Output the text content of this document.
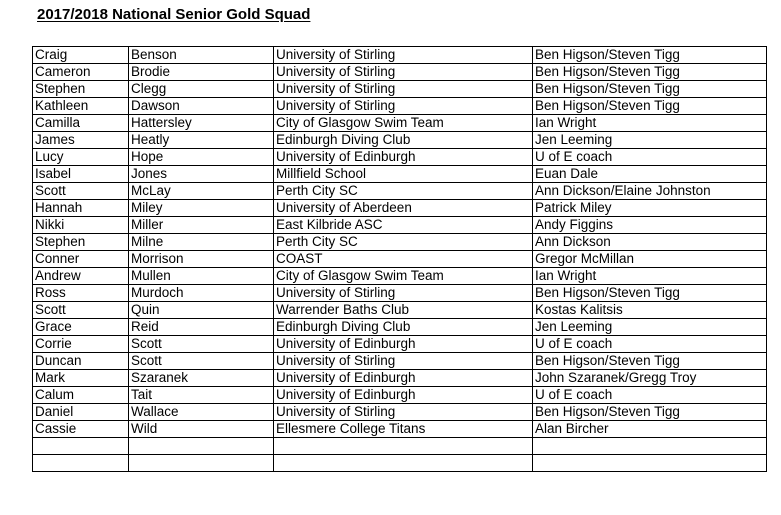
2017/2018 National Senior Gold Squad
Craig	Benson	University of Stirling	Ben Higson/Steven Tigg
Cameron	Brodie	University of Stirling	Ben Higson/Steven Tigg
Stephen	Clegg	University of Stirling	Ben Higson/Steven Tigg
Kathleen	Dawson	University of Stirling	Ben Higson/Steven Tigg
Camilla	Hattersley	City of Glasgow Swim Team	Ian Wright
James	Heatly	Edinburgh Diving Club	Jen Leeming
Lucy	Hope	University of Edinburgh	U of E coach
Isabel	Jones	Millfield School	Euan Dale
Scott	McLay	Perth City SC	Ann Dickson/Elaine Johnston
Hannah	Miley	University of Aberdeen	Patrick Miley
Nikki	Miller	East Kilbride ASC	Andy Figgins
Stephen	Milne	Perth City SC	Ann Dickson
Conner	Morrison	COAST	Gregor McMillan
Andrew	Mullen	City of Glasgow Swim Team	Ian Wright
Ross	Murdoch	University of Stirling	Ben Higson/Steven Tigg
Scott	Quin	Warrender Baths Club	Kostas Kalitsis
Grace	Reid	Edinburgh Diving Club	Jen Leeming
Corrie	Scott	University of Edinburgh	U of E coach
Duncan	Scott	University of Stirling	Ben Higson/Steven Tigg
Mark	Szaranek	University of Edinburgh	John Szaranek/Gregg Troy
Calum	Tait	University of Edinburgh	U of E coach
Daniel	Wallace	University of Stirling	Ben Higson/Steven Tigg
Cassie	Wild	Ellesmere College Titans	Alan Bircher
